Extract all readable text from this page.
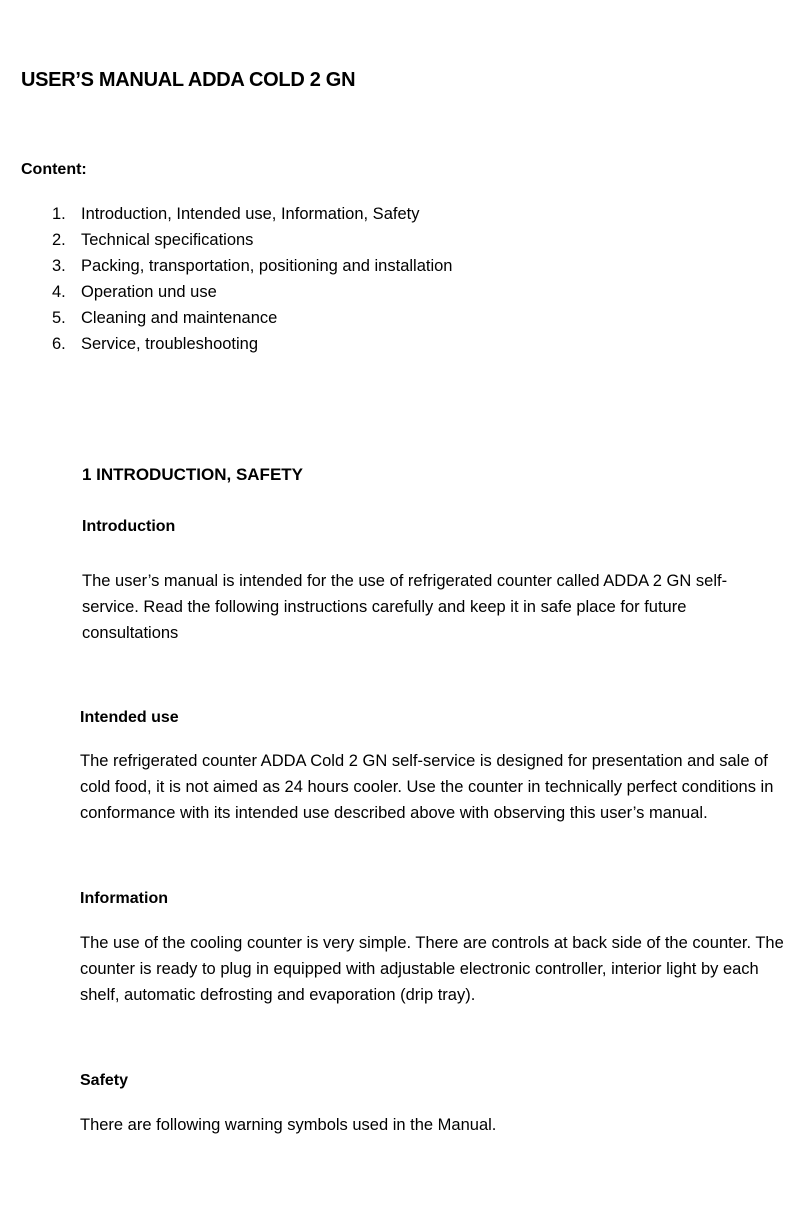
USER’S MANUAL ADDA COLD 2 GN

Content:

1. Introduction, Intended use, Information, Safety
2. Technical specifications
3. Packing, transportation, positioning and installation
4. Operation und use
5. Cleaning and maintenance
6. Service, troubleshooting
1 INTRODUCTION, SAFETY
Introduction

The user’s manual is intended for the use of refrigerated counter called ADDA 2 GN self-service. Read the following instructions carefully and keep it in safe place for future consultations

Intended use

The refrigerated counter ADDA Cold 2 GN self-service is designed for presentation and sale of cold food, it is not aimed as 24 hours cooler. Use the counter in technically perfect conditions in conformance with its intended use described above with observing this user’s manual.

Information

The use of the cooling counter is very simple. There are controls at back side of the counter. The counter is ready to plug in equipped with adjustable electronic controller, interior light by each shelf, automatic defrosting and evaporation (drip tray).

Safety

There are following warning symbols used in the Manual.
